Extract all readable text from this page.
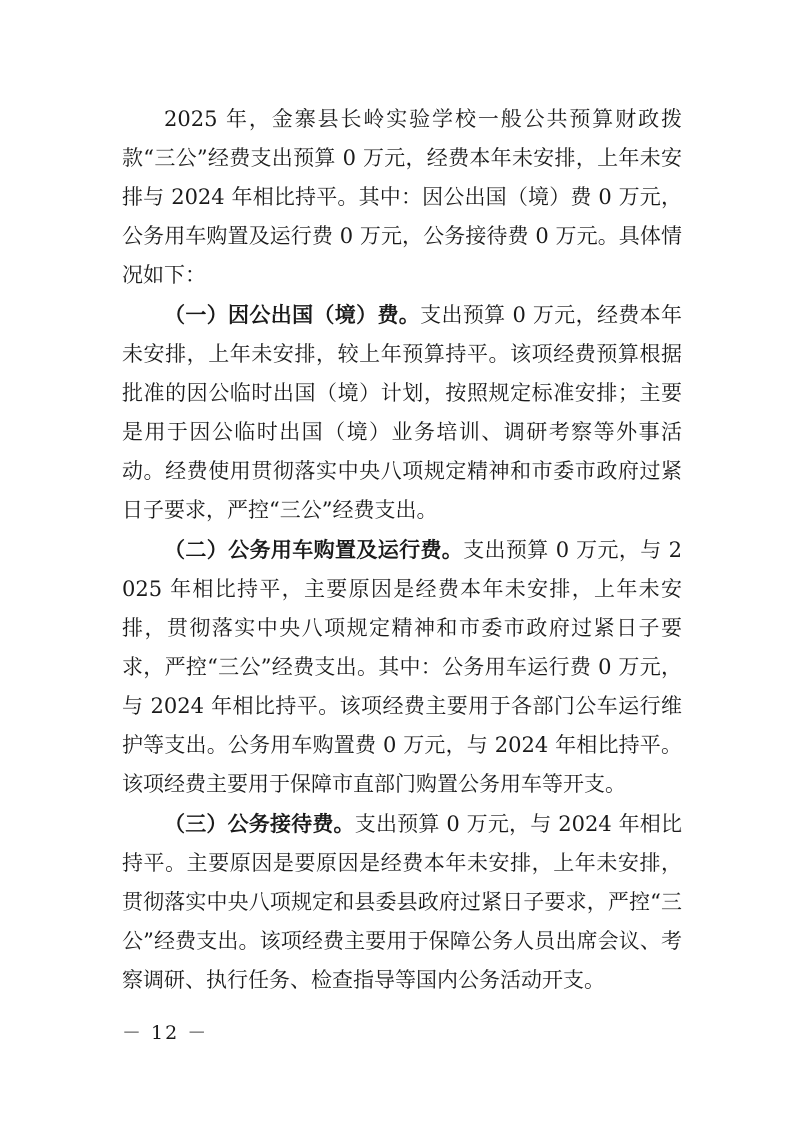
2025 年，金寨县长岭实验学校一般公共预算财政拨款“三公”经费支出预算 0 万元，经费本年未安排，上年未安排与 2024 年相比持平。其中：因公出国（境）费 0 万元，公务用车购置及运行费 0 万元，公务接待费 0 万元。具体情况如下：

（一）因公出国（境）费。支出预算 0 万元，经费本年未安排，上年未安排，较上年预算持平。该项经费预算根据批准的因公临时出国（境）计划，按照规定标准安排；主要是用于因公临时出国（境）业务培训、调研考察等外事活动。经费使用贯彻落实中央八项规定精神和市委市政府过紧日子要求，严控“三公”经费支出。

（二）公务用车购置及运行费。支出预算 0 万元，与 2025 年相比持平，主要原因是经费本年未安排，上年未安排，贯彻落实中央八项规定精神和市委市政府过紧日子要求，严控“三公”经费支出。其中：公务用车运行费 0 万元，与 2024 年相比持平。该项经费主要用于各部门公车运行维护等支出。公务用车购置费 0 万元，与 2024 年相比持平。该项经费主要用于保障市直部门购置公务用车等开支。

（三）公务接待费。支出预算 0 万元，与 2024 年相比持平。主要原因是要原因是经费本年未安排，上年未安排，贯彻落实中央八项规定和县委县政府过紧日子要求，严控“三公”经费支出。该项经费主要用于保障公务人员出席会议、考察调研、执行任务、检查指导等国内公务活动开支。

－ 12 －
